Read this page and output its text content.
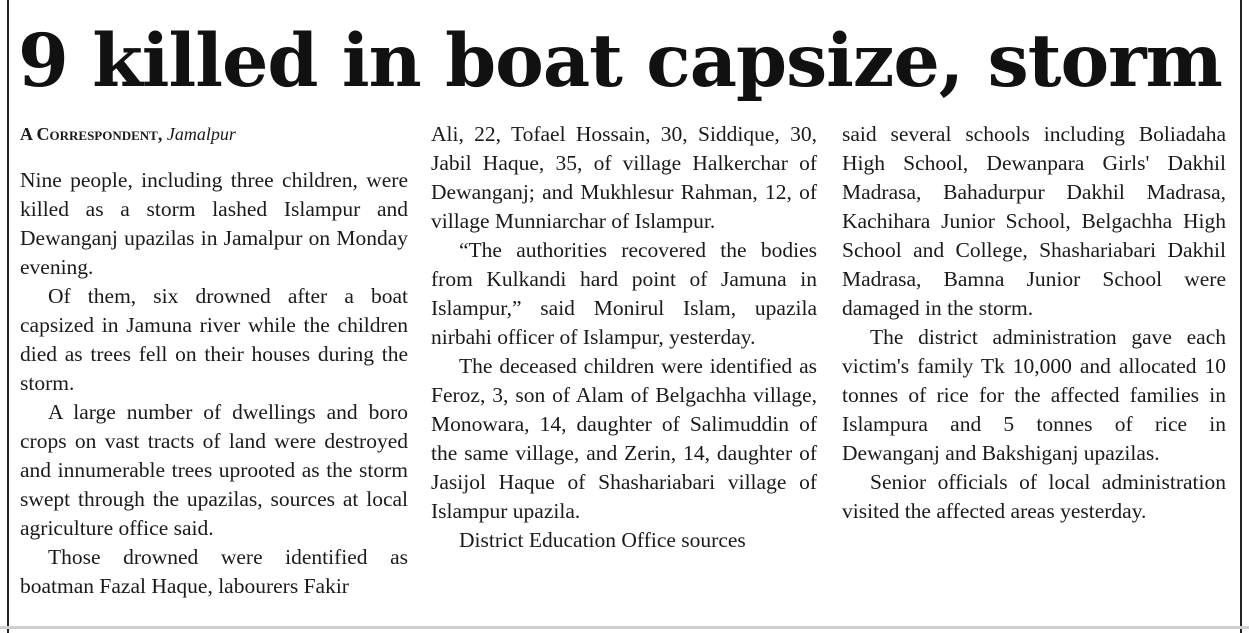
9 killed in boat capsize, storm
A Correspondent, Jamalpur

Nine people, including three children, were killed as a storm lashed Islampur and Dewanganj upazilas in Jamalpur on Monday evening.

Of them, six drowned after a boat capsized in Jamuna river while the children died as trees fell on their houses during the storm.

A large number of dwellings and boro crops on vast tracts of land were destroyed and innumerable trees uprooted as the storm swept through the upazilas, sources at local agriculture office said.

Those drowned were identified as boatman Fazal Haque, labourers Fakir

Ali, 22, Tofael Hossain, 30, Siddique, 30, Jabil Haque, 35, of village Halkerchar of Dewanganj; and Mukhlesur Rahman, 12, of village Munniarchar of Islampur.

“The authorities recovered the bodies from Kulkandi hard point of Jamuna in Islampur,” said Monirul Islam, upazila nirbahi officer of Islampur, yesterday.

The deceased children were identified as Feroz, 3, son of Alam of Belgachha village, Monowara, 14, daughter of Salimuddin of the same village, and Zerin, 14, daughter of Jasijol Haque of Shashariabari village of Islampur upazila.

District Education Office sources

said several schools including Boliadaha High School, Dewanpara Girls' Dakhil Madrasa, Bahadurpur Dakhil Madrasa, Kachihara Junior School, Belgachha High School and College, Shashariabari Dakhil Madrasa, Bamna Junior School were damaged in the storm.

The district administration gave each victim's family Tk 10,000 and allocated 10 tonnes of rice for the affected families in Islampura and 5 tonnes of rice in Dewanganj and Bakshiganj upazilas.

Senior officials of local administration visited the affected areas yesterday.
